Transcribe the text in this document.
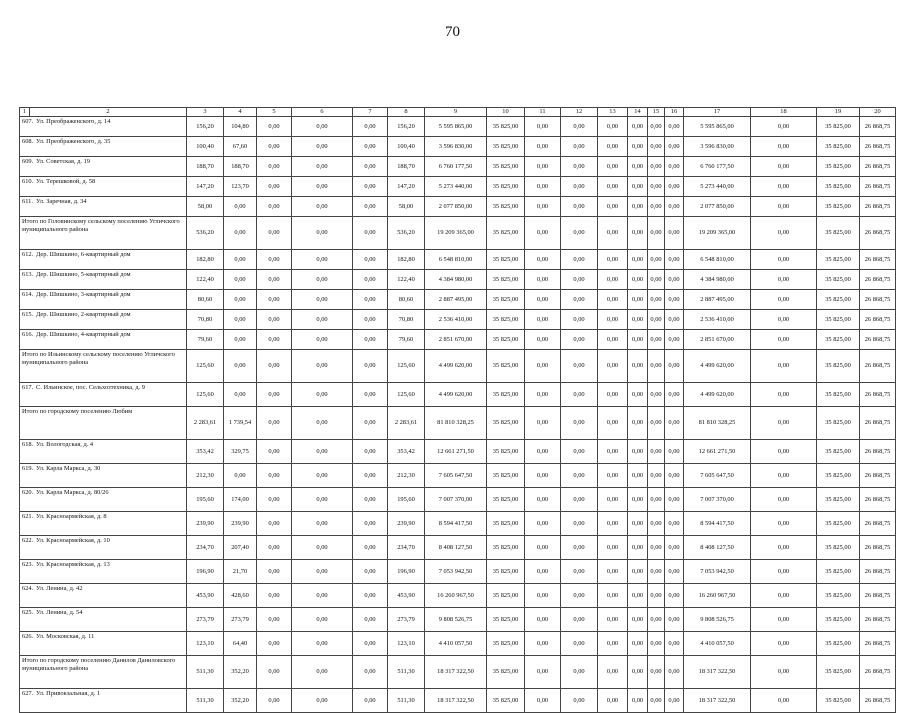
70
1	2	3	4	5	6	7	8	9	10	11	12	13	14	15	16	17	18	19	20
607. Ул. Преображенского, д. 14		156,20	104,80	0,00	0,00	0,00	156,20	5 595 865,00	35 825,00	0,00	0,00	0,00	0,00	0,00	0,00	5 595 865,00	0,00	35 825,00	26 868,75
608. Ул. Преображенского, д. 35		100,40	67,60	0,00	0,00	0,00	100,40	3 596 830,00	35 825,00	0,00	0,00	0,00	0,00	0,00	0,00	3 596 830,00	0,00	35 825,00	26 868,75
609. Ул. Советская, д. 19		188,70	188,70	0,00	0,00	0,00	188,70	6 760 177,50	35 825,00	0,00	0,00	0,00	0,00	0,00	0,00	6 760 177,50	0,00	35 825,00	26 868,75
610. Ул. Терешковой, д. 58		147,20	123,70	0,00	0,00	0,00	147,20	5 273 440,00	35 825,00	0,00	0,00	0,00	0,00	0,00	0,00	5 273 440,00	0,00	35 825,00	26 868,75
611. Ул. Заречная, д. 34		58,00	0,00	0,00	0,00	0,00	58,00	2 077 850,00	35 825,00	0,00	0,00	0,00	0,00	0,00	0,00	2 077 850,00	0,00	35 825,00	26 868,75
Итого по Головинскому сельскому поселению Угличского муниципального района		536,20	0,00	0,00	0,00	0,00	536,20	19 209 365,00	35 825,00	0,00	0,00	0,00	0,00	0,00	0,00	19 209 365,00	0,00	35 825,00	26 868,75
612. Дер. Шишкино, 6-квартирный дом		182,80	0,00	0,00	0,00	0,00	182,80	6 548 810,00	35 825,00	0,00	0,00	0,00	0,00	0,00	0,00	6 548 810,00	0,00	35 825,00	26 868,75
613. Дер. Шишкино, 5-квартирный дом		122,40	0,00	0,00	0,00	0,00	122,40	4 384 980,00	35 825,00	0,00	0,00	0,00	0,00	0,00	0,00	4 384 980,00	0,00	35 825,00	26 868,75
614. Дер. Шишкино, 3-квартирный дом		80,60	0,00	0,00	0,00	0,00	80,60	2 887 495,00	35 825,00	0,00	0,00	0,00	0,00	0,00	0,00	2 887 495,00	0,00	35 825,00	26 868,75
615. Дер. Шишкино, 2-квартирный дом		70,80	0,00	0,00	0,00	0,00	70,80	2 536 410,00	35 825,00	0,00	0,00	0,00	0,00	0,00	0,00	2 536 410,00	0,00	35 825,00	26 868,75
616. Дер. Шишкино, 4-квартирный дом		79,60	0,00	0,00	0,00	0,00	79,60	2 851 670,00	35 825,00	0,00	0,00	0,00	0,00	0,00	0,00	2 851 670,00	0,00	35 825,00	26 868,75
Итого по Ильинскому сельскому поселению Угличского муниципального района		125,60	0,00	0,00	0,00	0,00	125,60	4 499 620,00	35 825,00	0,00	0,00	0,00	0,00	0,00	0,00	4 499 620,00	0,00	35 825,00	26 868,75
617. С. Ильинское, пос. Сельхозтехника, д. 9		125,60	0,00	0,00	0,00	0,00	125,60	4 499 620,00	35 825,00	0,00	0,00	0,00	0,00	0,00	0,00	4 499 620,00	0,00	35 825,00	26 868,75
Итого по городскому поселению Любим		2 283,61	1 739,54	0,00	0,00	0,00	2 283,61	81 810 328,25	35 825,00	0,00	0,00	0,00	0,00	0,00	0,00	81 810 328,25	0,00	35 825,00	26 868,75
618. Ул. Вологодская, д. 4		353,42	329,75	0,00	0,00	0,00	353,42	12 661 271,50	35 825,00	0,00	0,00	0,00	0,00	0,00	0,00	12 661 271,50	0,00	35 825,00	26 868,75
619. Ул. Карла Маркса, д. 30		212,30	0,00	0,00	0,00	0,00	212,30	7 605 647,50	35 825,00	0,00	0,00	0,00	0,00	0,00	0,00	7 605 647,50	0,00	35 825,00	26 868,75
620. Ул. Карла Маркса, д. 80/26		195,60	174,00	0,00	0,00	0,00	195,60	7 007 370,00	35 825,00	0,00	0,00	0,00	0,00	0,00	0,00	7 007 370,00	0,00	35 825,00	26 868,75
621. Ул. Красноармейская, д. 8		239,90	239,90	0,00	0,00	0,00	239,90	8 594 417,50	35 825,00	0,00	0,00	0,00	0,00	0,00	0,00	8 594 417,50	0,00	35 825,00	26 868,75
622. Ул. Красноармейская, д. 10		234,70	207,40	0,00	0,00	0,00	234,70	8 408 127,50	35 825,00	0,00	0,00	0,00	0,00	0,00	0,00	8 408 127,50	0,00	35 825,00	26 868,75
623. Ул. Красноармейская, д. 13		196,90	21,70	0,00	0,00	0,00	196,90	7 053 942,50	35 825,00	0,00	0,00	0,00	0,00	0,00	0,00	7 053 942,50	0,00	35 825,00	26 868,75
624. Ул. Ленина, д. 42		453,90	428,60	0,00	0,00	0,00	453,90	16 260 967,50	35 825,00	0,00	0,00	0,00	0,00	0,00	0,00	16 260 967,50	0,00	35 825,00	26 868,75
625. Ул. Ленина, д. 54		273,79	273,79	0,00	0,00	0,00	273,79	9 808 526,75	35 825,00	0,00	0,00	0,00	0,00	0,00	0,00	9 808 526,75	0,00	35 825,00	26 868,75
626. Ул. Московская, д. 11		123,10	64,40	0,00	0,00	0,00	123,10	4 410 057,50	35 825,00	0,00	0,00	0,00	0,00	0,00	0,00	4 410 057,50	0,00	35 825,00	26 868,75
Итого по городскому поселению Данилов Даниловского муниципального района		511,30	352,20	0,00	0,00	0,00	511,30	18 317 322,50	35 825,00	0,00	0,00	0,00	0,00	0,00	0,00	18 317 322,50	0,00	35 825,00	26 868,75
627. Ул. Привокзальная, д. 1		511,30	352,20	0,00	0,00	0,00	511,30	18 317 322,50	35 825,00	0,00	0,00	0,00	0,00	0,00	0,00	18 317 322,50	0,00	35 825,00	26 868,75
